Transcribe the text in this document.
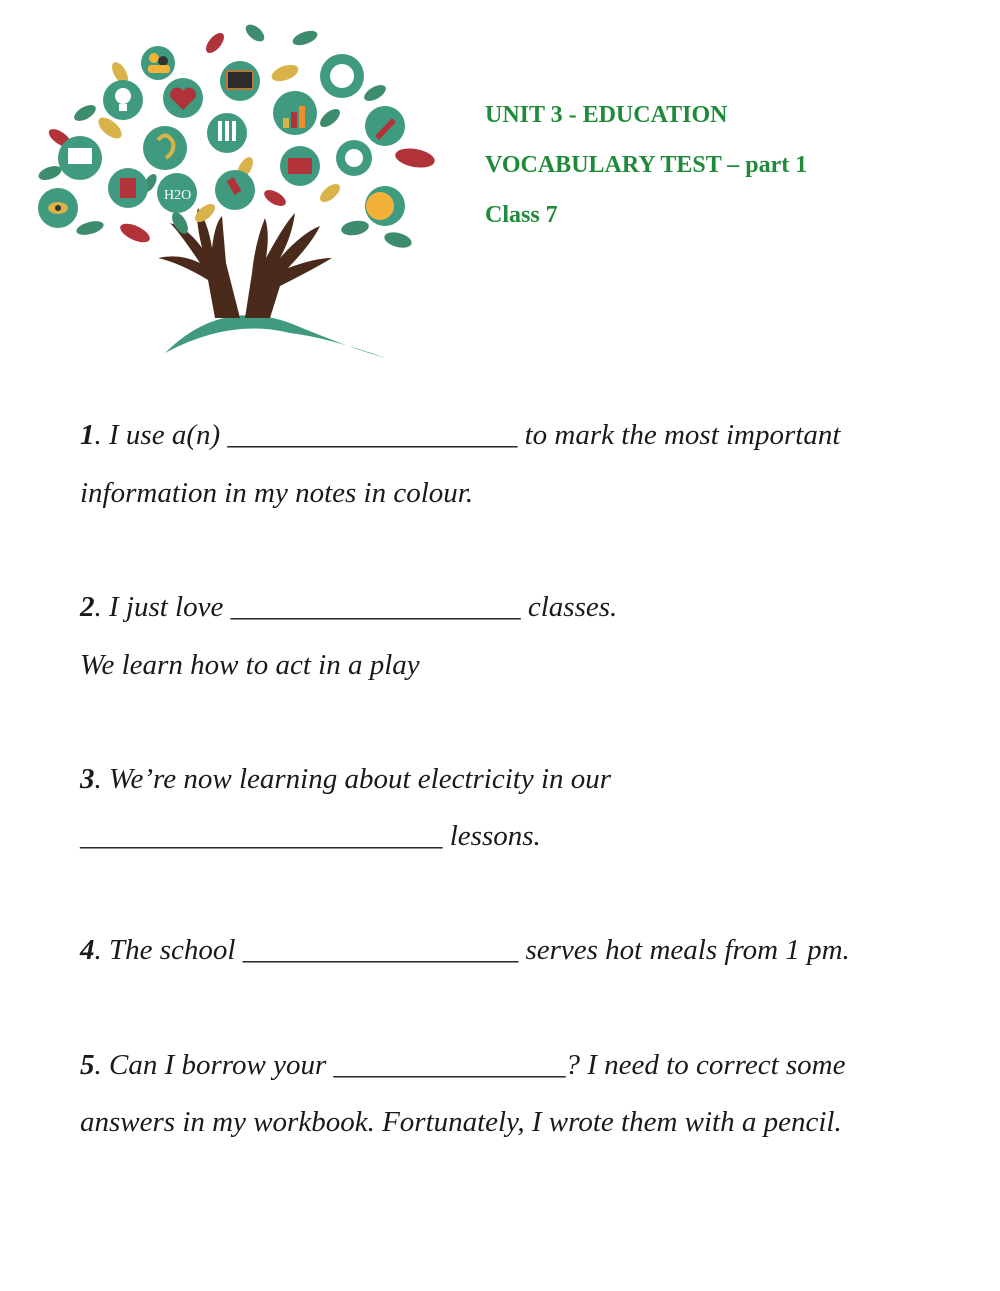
H2O
UNIT 3 - EDUCATION
VOCABULARY TEST – part 1
Class 7
1. I use a(n) ____________________ to mark the most important
information in my notes in colour.
2. I just love ____________________ classes.
We learn how to act in a play
3. We’re now learning about electricity in our
_________________________ lessons.
4. The school ___________________ serves hot meals from 1 pm.
5. Can I borrow your ________________? I need to correct some
answers in my workbook. Fortunately, I wrote them with a pencil.
